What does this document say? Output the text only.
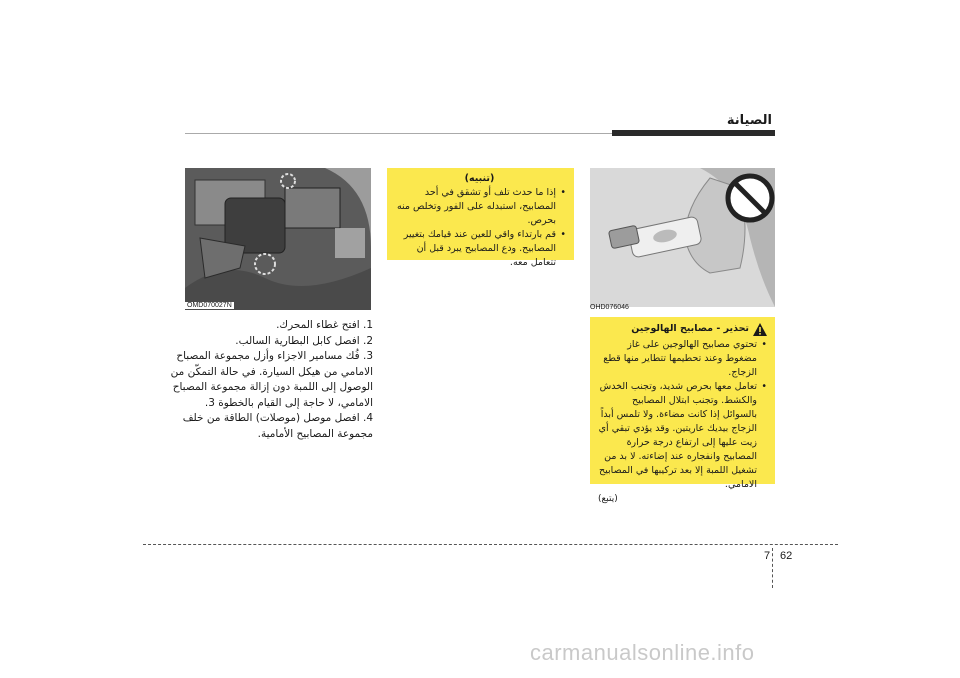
الصيانة
OMD070027N

1. افتح غطاء المحرك.

2. افصل كابل البطارية السالب.

3. فُك مسامير الاجزاء وأزل مجموعة المصباح الامامي من هيكل السيارة. في حالة التمكّن من الوصول إلى اللمبة دون إزالة مجموعة المصباح الامامي، لا حاجة إلى القيام بالخطوة 3.

4. افصل موصل (موصلات) الطاقة من خلف مجموعة المصابيح الأمامية.

(تنبيه)
• إذا ما حدث تلف أو تشقق في أحد المصابيح، استبدله على الفور وتخلص منه بحرص.
• قم بارتداء واقي للعين عند قيامك بتغيير المصابيح. ودع المصابيح يبرد قبل أن تتعامل معه.
OHD076046
تحذير - مصابيح الهالوجين
• تحتوي مصابيح الهالوجين على غاز مضغوط وعند تحطيمها تتطاير منها قطع الزجاج.
• تعامل معها بحرص شديد، وتجنب الخدش والكشط. وتجنب ابتلال المصابيح بالسوائل إذا كانت مضاءة. ولا تلمس أبداً الزجاج بيديك عاريتين. وقد يؤدي تبقي أي زيت عليها إلى ارتفاع درجة حرارة المصابيح وانفجاره عند إضاءته. لا بد من تشغيل اللمبة إلا بعد تركيبها في المصابيح الامامي.
(يتبع)
7 62
carmanualsonline.info
